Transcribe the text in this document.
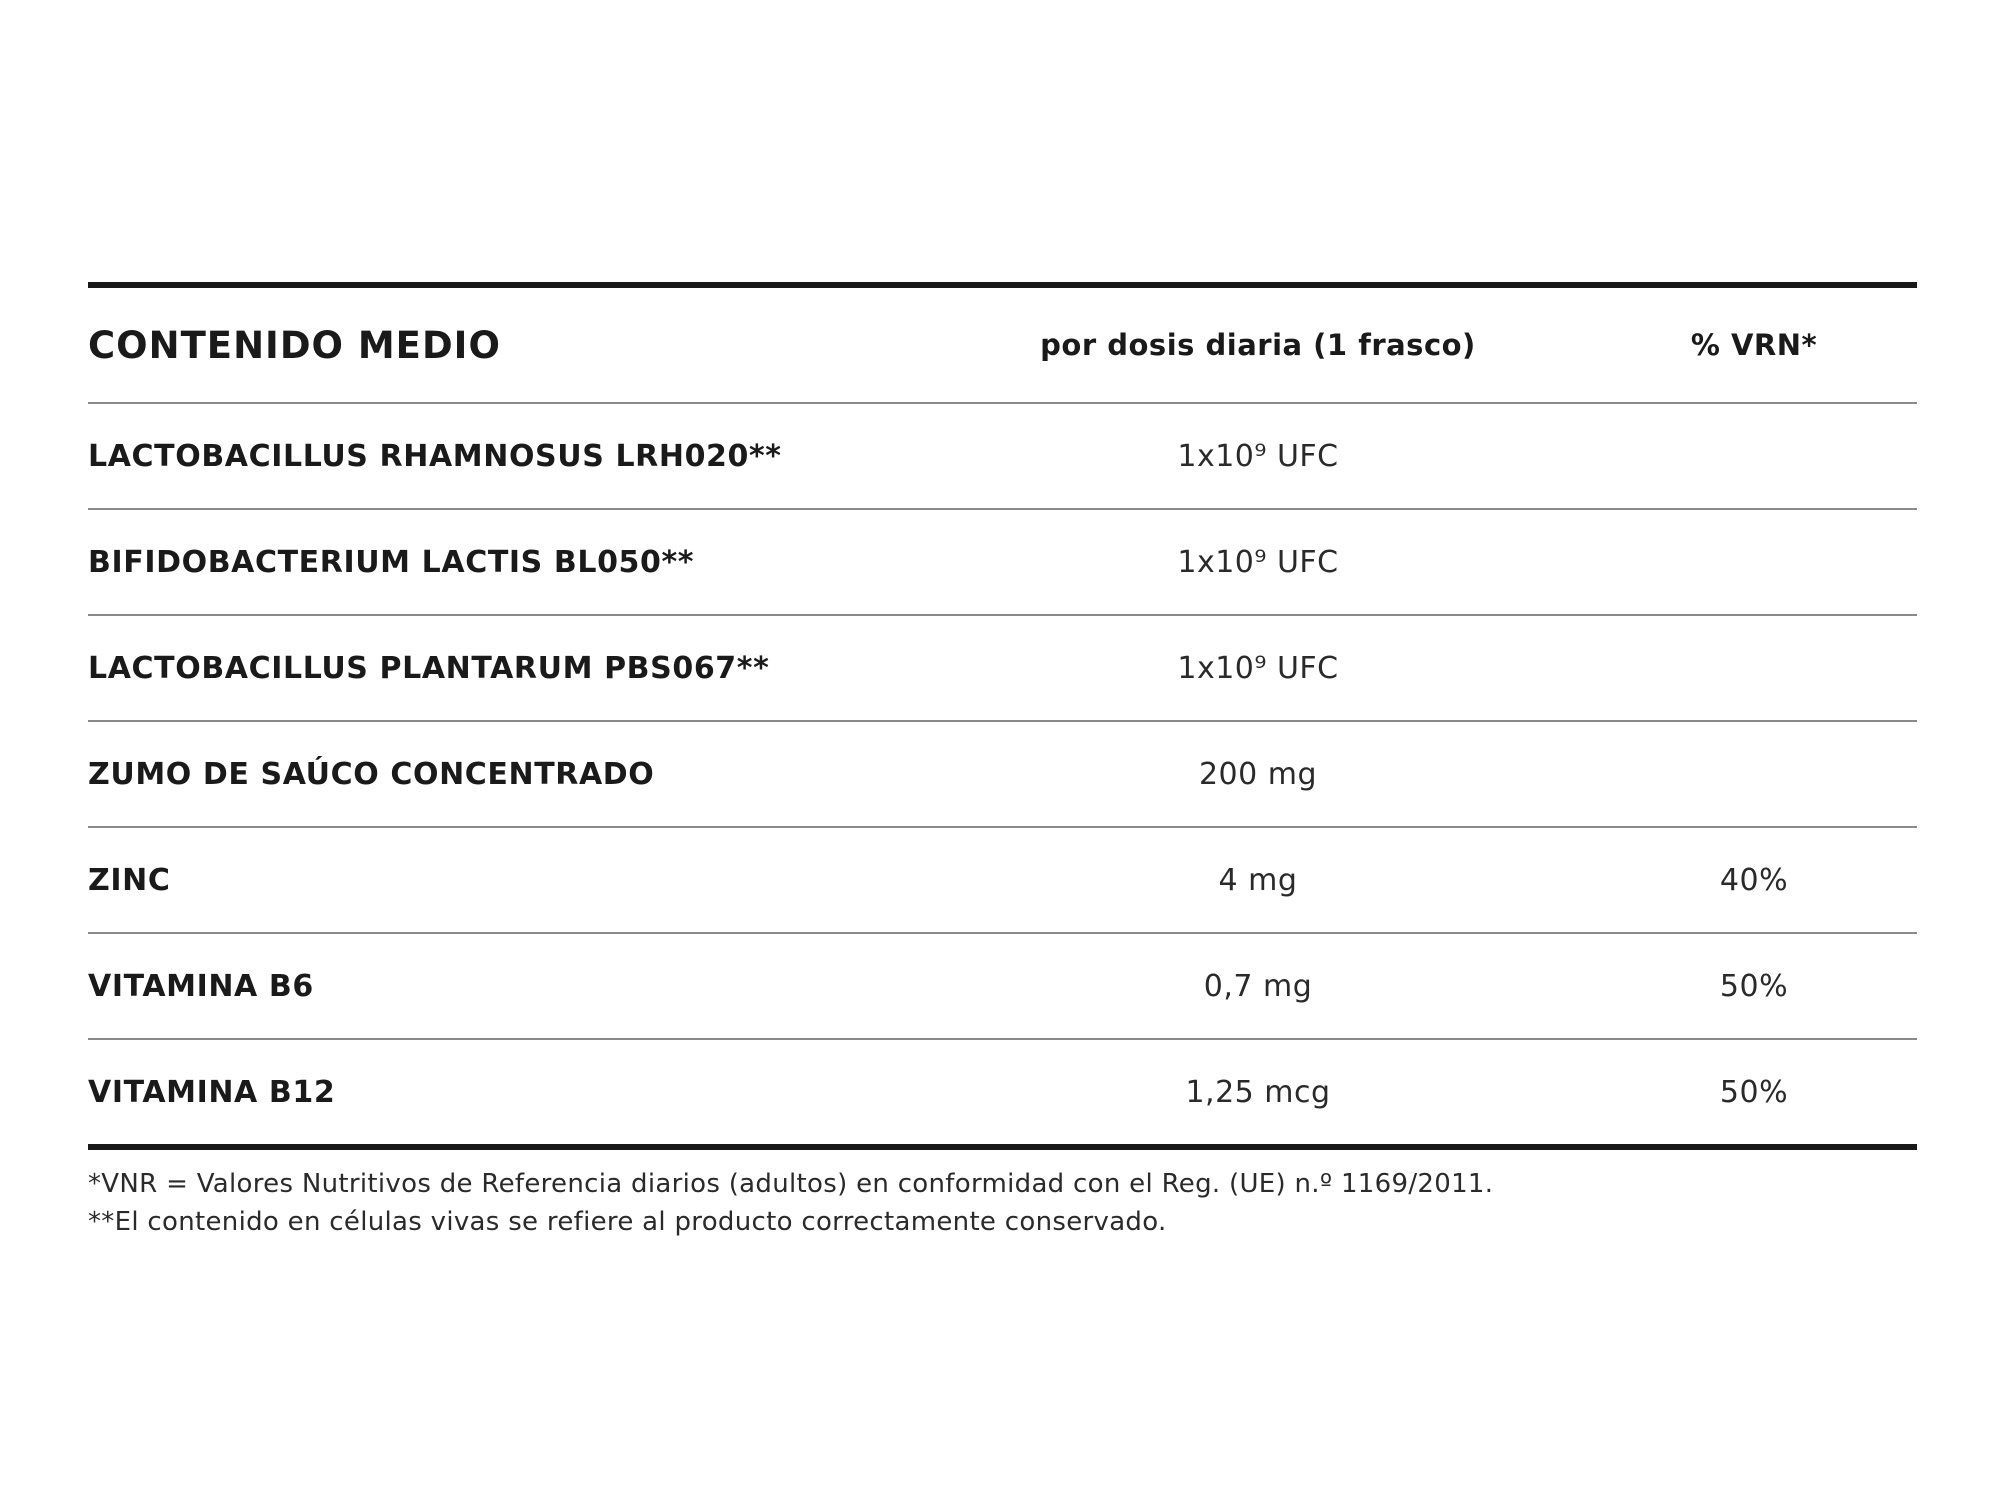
CONTENIDO MEDIO	por dosis diaria (1 frasco)	% VRN*
LACTOBACILLUS RHAMNOSUS LRH020**	1x10⁹ UFC
BIFIDOBACTERIUM LACTIS BL050**	1x10⁹ UFC
LACTOBACILLUS PLANTARUM PBS067**	1x10⁹ UFC
ZUMO DE SAÚCO CONCENTRADO	200 mg
ZINC	4 mg	40%
VITAMINA B6	0,7 mg	50%
VITAMINA B12	1,25 mcg	50%
*VNR = Valores Nutritivos de Referencia diarios (adultos) en conformidad con el Reg. (UE) n.º 1169/2011.
**El contenido en células vivas se refiere al producto correctamente conservado.
